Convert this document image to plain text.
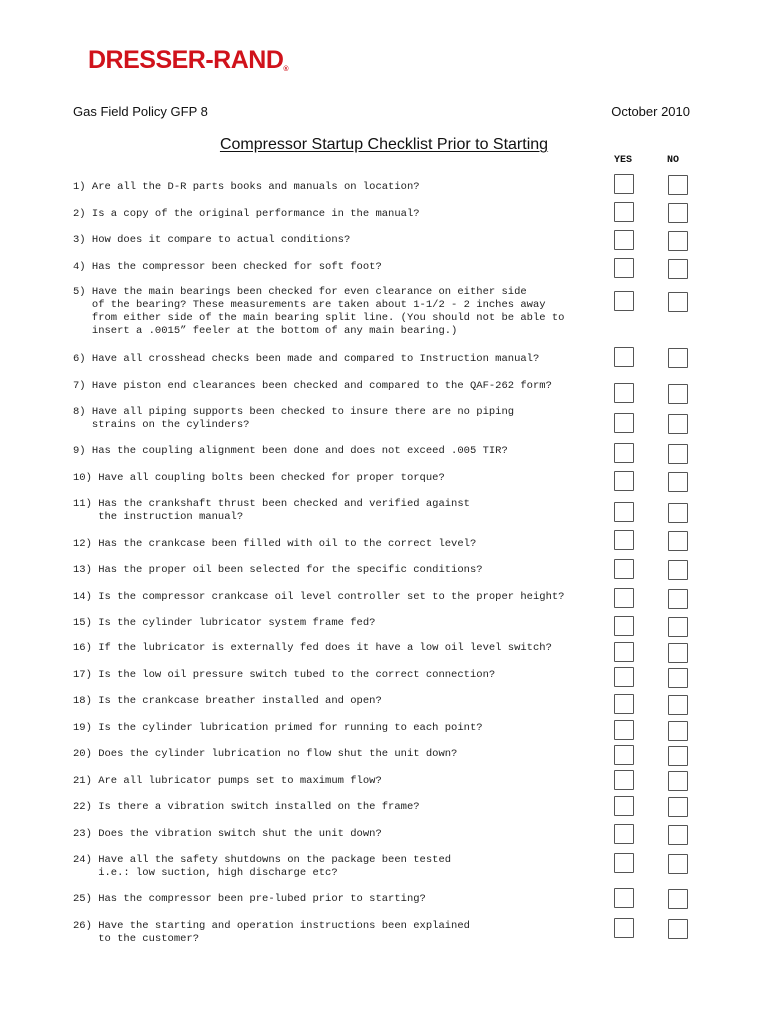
DRESSER-RAND®
Gas Field Policy GFP 8	October 2010
Compressor Startup Checklist Prior to Starting
YES	NO
1) Are all the D-R parts books and manuals on location?
2) Is a copy of the original performance in the manual?
3) How does it compare to actual conditions?
4) Has the compressor been checked for soft foot?
5) Have the main bearings been checked for even clearance on either side
of the bearing? These measurements are taken about 1-1/2 - 2 inches away
from either side of the main bearing split line. (You should not be able to
insert a .0015” feeler at the bottom of any main bearing.)
6) Have all crosshead checks been made and compared to Instruction manual?
7) Have piston end clearances been checked and compared to the QAF-262 form?
8) Have all piping supports been checked to insure there are no piping
strains on the cylinders?
9) Has the coupling alignment been done and does not exceed .005 TIR?
10) Have all coupling bolts been checked for proper torque?
11) Has the crankshaft thrust been checked and verified against
the instruction manual?
12) Has the crankcase been filled with oil to the correct level?
13) Has the proper oil been selected for the specific conditions?
14) Is the compressor crankcase oil level controller set to the proper height?
15) Is the cylinder lubricator system frame fed?
16) If the lubricator is externally fed does it have a low oil level switch?
17) Is the low oil pressure switch tubed to the correct connection?
18) Is the crankcase breather installed and open?
19) Is the cylinder lubrication primed for running to each point?
20) Does the cylinder lubrication no flow shut the unit down?
21) Are all lubricator pumps set to maximum flow?
22) Is there a vibration switch installed on the frame?
23) Does the vibration switch shut the unit down?
24) Have all the safety shutdowns on the package been tested
i.e.: low suction, high discharge etc?
25) Has the compressor been pre-lubed prior to starting?
26) Have the starting and operation instructions been explained
to the customer?
